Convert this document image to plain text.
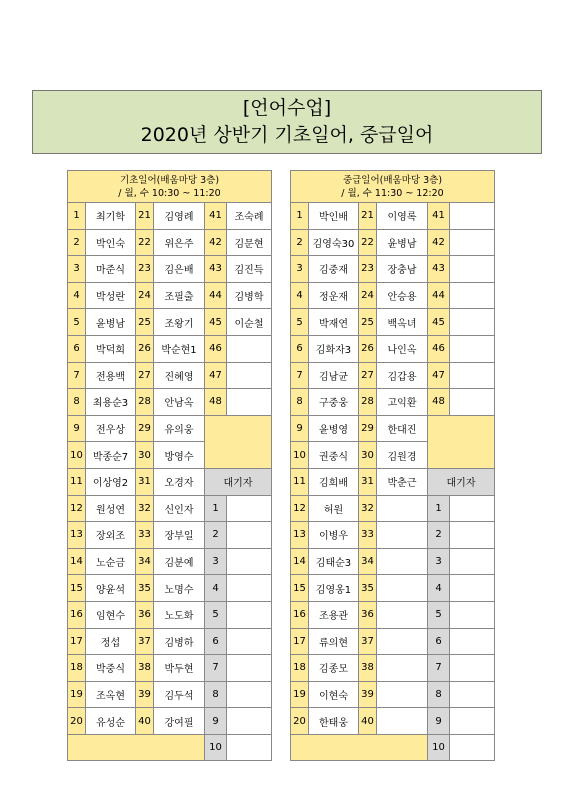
[언어수업]
2020년 상반기 기초일어, 중급일어
기초일어(배움마당 3층)
/ 월, 수 10:30 ~ 11:20					

1	최기학	21	김영례	41	조숙례
2	박인숙	22	위은주	42	김문현
3	마준식	23	김은배	43	김진득
4	박성란	24	조필출	44	김병학
5	윤병남	25	조왕기	45	이순철
6	박덕희	26	박순현1	46	
7	전용백	27	진혜영	47	
8	최용순3	28	안남옥	48	
9	전우상	29	유의웅		
10	박종순7	30	방영수		
11	이상영2	31	오경자	대기자	
12	원성연	32	신인자	1	
13	장외조	33	장부일	2	
14	노순금	34	김분예	3	
15	양윤석	35	노명수	4	
16	임현수	36	노도화	5	
17	정섭	37	김병하	6	
18	박중식	38	박두현	7	
19	조옥현	39	김두석	8	
20	유성순	40	강여필	9	
				10	
중급일어(배움마당 3층)
/ 월, 수 11:30 ~ 12:20					

1	박인배	21	이영록	41	
2	김영숙30	22	윤병남	42	
3	김중재	23	장충남	43	
4	정운재	24	안승용	44	
5	박재연	25	백옥녀	45	
6	김화자3	26	나인옥	46	
7	김남균	27	김갑용	47	
8	구중웅	28	고익환	48	
9	윤병영	29	한대진		
10	권중식	30	김원경		
11	김희배	31	박춘근	대기자	
12	허원	32		1	
13	이병우	33		2	
14	김태순3	34		3	
15	김영옹1	35		4	
16	조용관	36		5	
17	류의현	37		6	
18	김종모	38		7	
19	이현숙	39		8	
20	한태웅	40		9	
				10	
